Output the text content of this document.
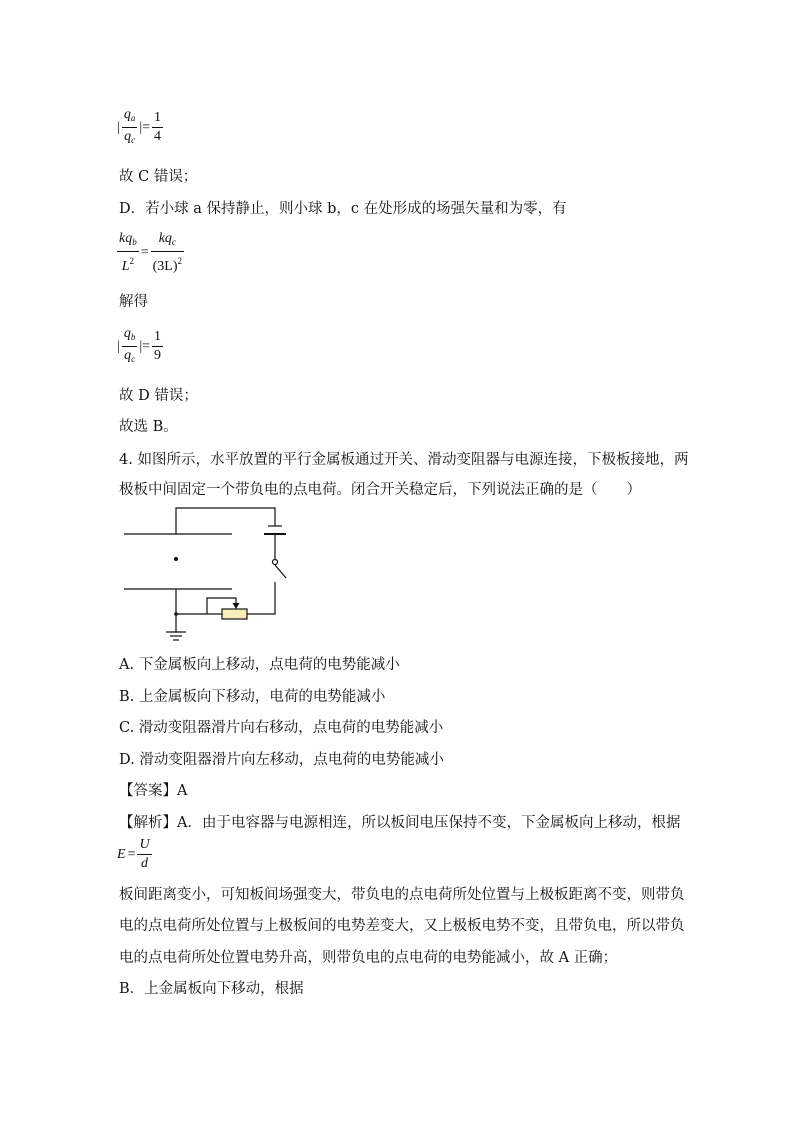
| $\frac{q_a}{q_c}$ |= $\frac{1}{4}$
故 C 错误；
D．若小球 a 保持静止，则小球 b，c 在处形成的场强矢量和为零，有
$\frac{kq_b}{L^2} = \frac{kq_c}{(3L)^2}$
解得
| $\frac{q_b}{q_c}$ |= $\frac{1}{9}$
故 D 错误；
故选 B。
4. 如图所示，水平放置的平行金属板通过开关、滑动变阻器与电源连接，下极板接地，两
极板中间固定一个带负电的点电荷。闭合开关稳定后，下列说法正确的是（　　）
A. 下金属板向上移动，点电荷的电势能减小
B. 上金属板向下移动，电荷的电势能减小
C. 滑动变阻器滑片向右移动，点电荷的电势能减小
D. 滑动变阻器滑片向左移动，点电荷的电势能减小
【答案】A
【解析】A．由于电容器与电源相连，所以板间电压保持不变，下金属板向上移动，根据
$E = \frac{U}{d}$
板间距离变小，可知板间场强变大，带负电的点电荷所处位置与上极板距离不变，则带负
电的点电荷所处位置与上极板间的电势差变大，又上极板电势不变，且带负电，所以带负
电的点电荷所处位置电势升高，则带负电的点电荷的电势能减小，故 A 正确；
B．上金属板向下移动，根据
